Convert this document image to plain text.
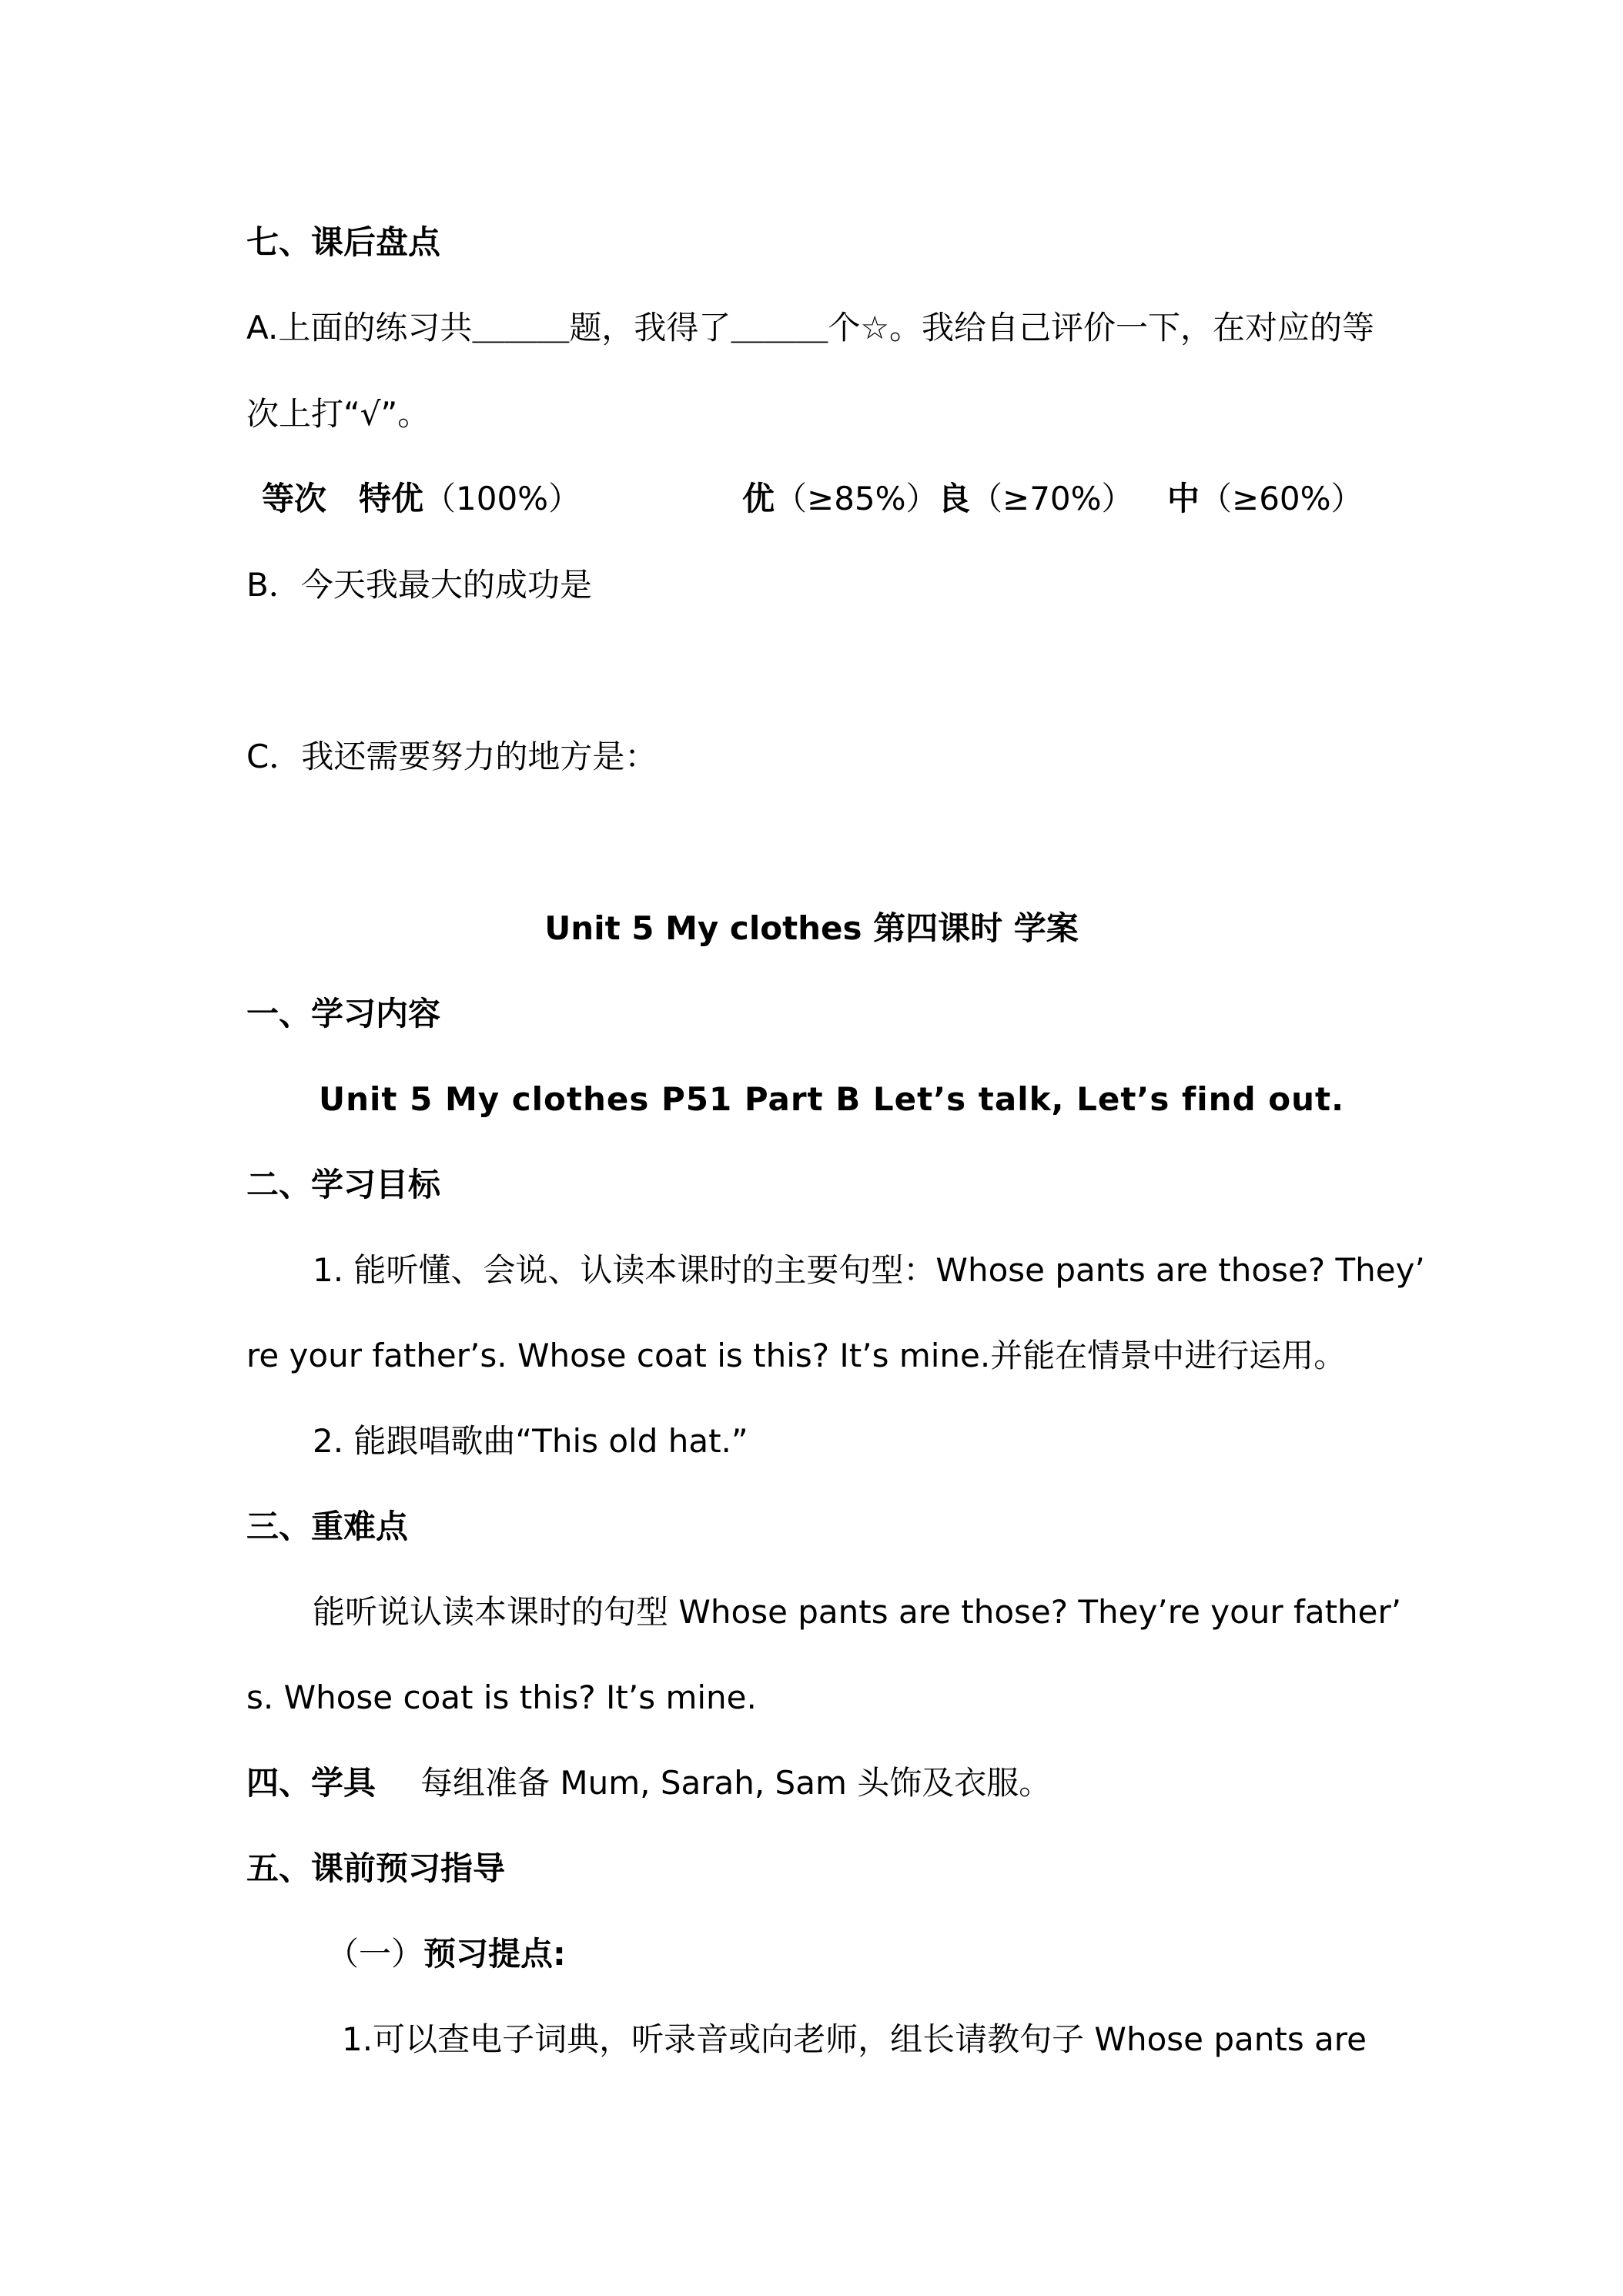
七、课后盘点
A.上面的练习共＿＿＿题，我得了＿＿＿个☆。我给自己评价一下，在对应的等
次上打“√”。
等次 特优 （100%）	优 （≥85%） 良 （≥70%） 中 （≥60%）
B．今天我最大的成功是
C．我还需要努力的地方是：
Unit 5 My clothes 第四课时 学案
一、学习内容
Unit 5 My clothes P51 Part B Let’s talk, Let’s find out.
二、学习目标
1. 能听懂、会说、认读本课时的主要句型：Whose pants are those? They’
re your father’s. Whose coat is this? It’s mine.并能在情景中进行运用。
2. 能跟唱歌曲“This old hat.”
三、重难点
能听说认读本课时的句型 Whose pants are those? They’re your father’
s. Whose coat is this? It’s mine.
四、学具 每组准备 Mum, Sarah, Sam 头饰及衣服。
五、课前预习指导
（一）预习提点:
1.可以查电子词典，听录音或向老师，组长请教句子 Whose pants are
